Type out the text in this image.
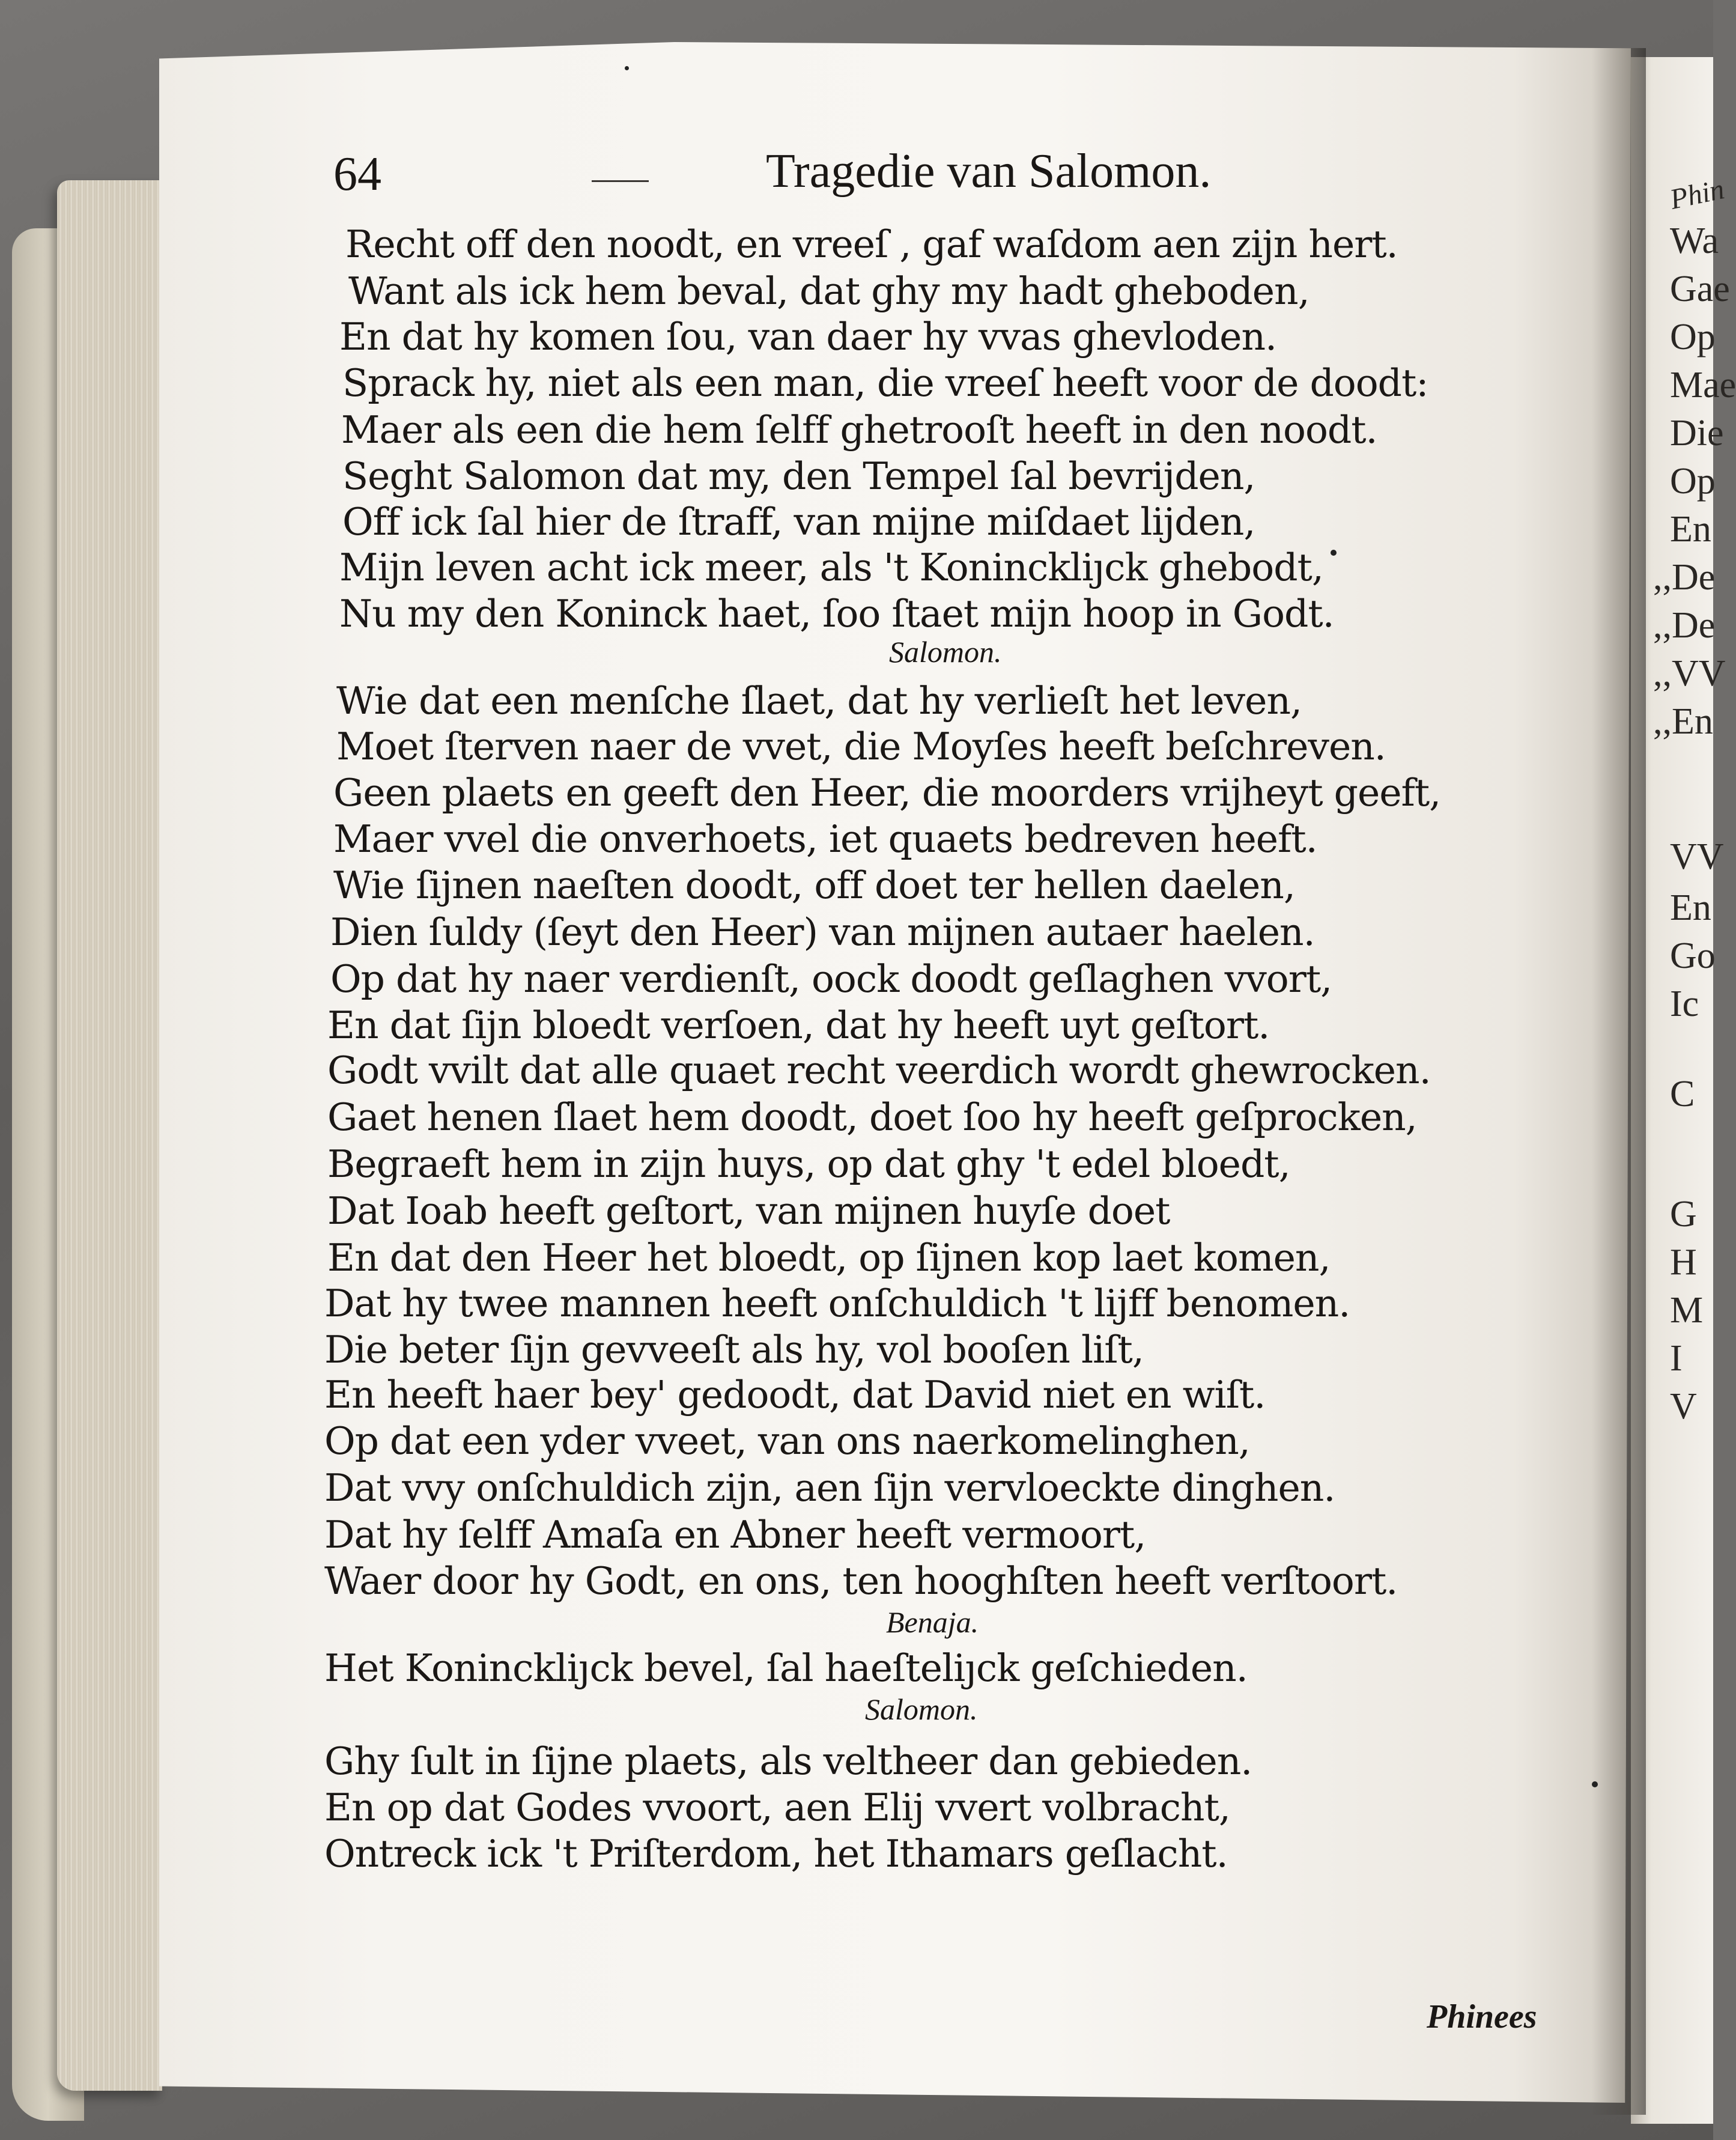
64	Tragedie van Salomon.
Recht off den noodt, en vreeſ , gaf waſdom aen zijn hert.
Want als ick hem beval, dat ghy my hadt gheboden,
En dat hy komen ſou, van daer hy vvas ghevloden.
Sprack hy, niet als een man, die vreeſ heeft voor de doodt:
Maer als een die hem ſelff ghetrooſt heeft in den noodt.
Seght Salomon dat my, den Tempel ſal bevrijden,
Off ick ſal hier de ſtraff, van mijne miſdaet lijden,
Mijn leven acht ick meer, als 't Koninckliȷck ghebodt,
Nu my den Koninck haet, ſoo ſtaet mijn hoop in Godt.
Salomon.
Wie dat een menſche ſlaet, dat hy verlieſt het leven,
Moet ſterven naer de vvet, die Moyſes heeft beſchreven.
Geen plaets en geeft den Heer, die moorders vrijheyt geeft,
Maer vvel die onverhoets, iet quaets bedreven heeft.
Wie ſijnen naeſten doodt, off doet ter hellen daelen,
Dien ſuldy (ſeyt den Heer) van mijnen autaer haelen.
Op dat hy naer verdienſt, oock doodt geſlaghen vvort,
En dat ſijn bloedt verſoen, dat hy heeft uyt geſtort.
Godt vvilt dat alle quaet recht veerdich wordt ghewrocken.
Gaet henen ſlaet hem doodt, doet ſoo hy heeft geſprocken,
Begraeft hem in zijn huys, op dat ghy 't edel bloedt,
Dat Ioab heeft geſtort, van mijnen huyſe doet
En dat den Heer het bloedt, op ſijnen kop laet komen,
Dat hy twee mannen heeft onſchuldich 't lijff benomen.
Die beter ſijn gevveeſt als hy, vol booſen liſt,
En heeft haer bey' gedoodt, dat David niet en wiſt.
Op dat een yder vveet, van ons naerkomelinghen,
Dat vvy onſchuldich zijn, aen ſijn vervloeckte dinghen.
Dat hy ſelff Amaſa en Abner heeft vermoort,
Waer door hy Godt, en ons, ten hooghſten heeft verſtoort.
Benaja.
Het Koninckliȷck bevel, ſal haeſteliȷck geſchieden.
Salomon.
Ghy ſult in ſijne plaets, als veltheer dan gebieden.
En op dat Godes vvoort, aen Elij vvert volbracht,
Ontreck ick 't Priſterdom, het Ithamars geſlacht.
Phinees
Phin
Wa
Gae
Op
Mae
Die
Op
En
,,De
,,De
,,VV
,,En
VV
En
Go
Ic
C
G
H
M
I
V
